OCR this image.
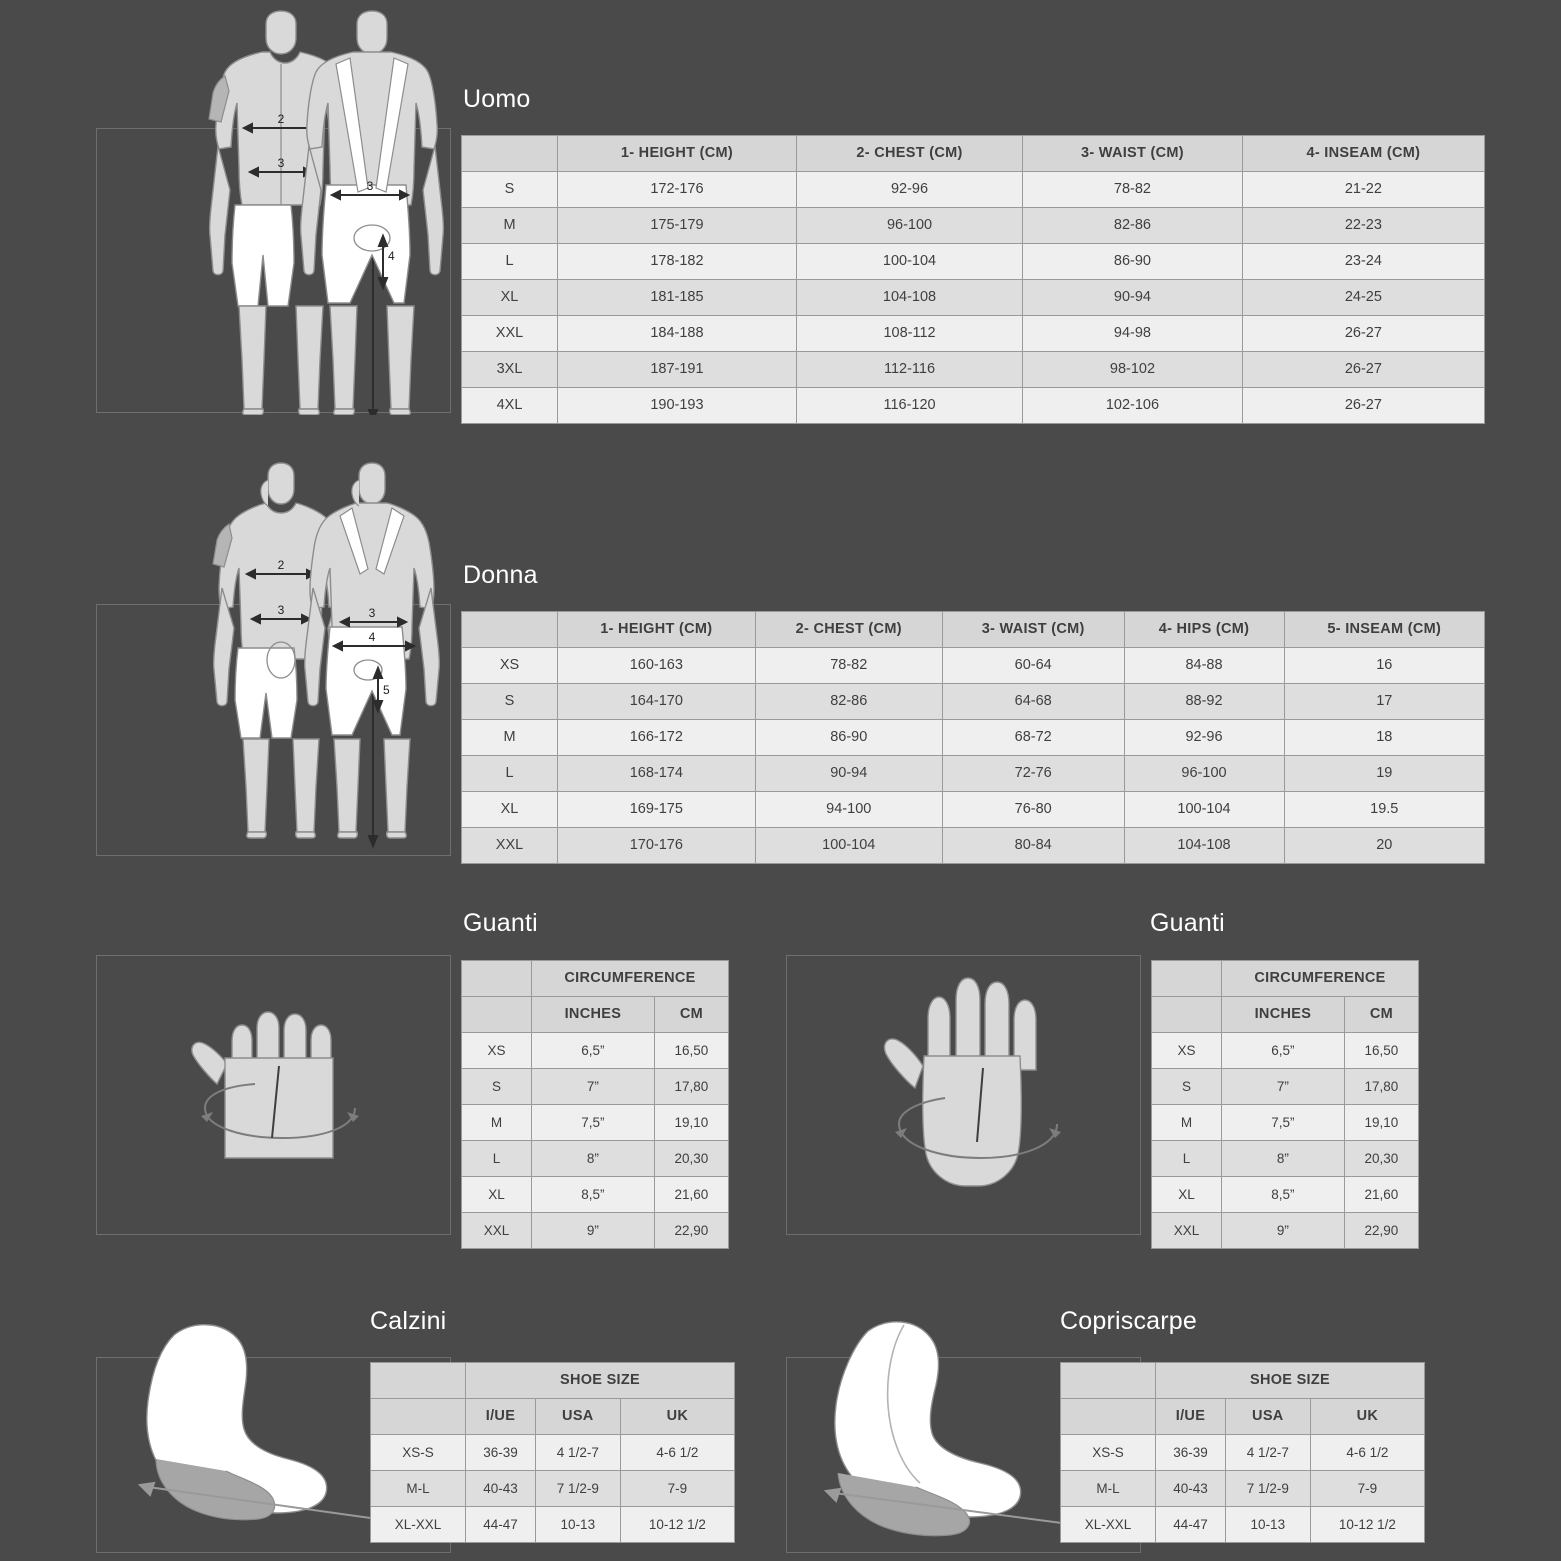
Uomo
2
3
3
4
	1- HEIGHT (CM)	2- CHEST (CM)	3- WAIST (CM)	4- INSEAM (CM)
S	172-176	92-96	78-82	21-22
M	175-179	96-100	82-86	22-23
L	178-182	100-104	86-90	23-24
XL	181-185	104-108	90-94	24-25
XXL	184-188	108-112	94-98	26-27
3XL	187-191	112-116	98-102	26-27
4XL	190-193	116-120	102-106	26-27
Donna
2
3	3
4
5
	1- HEIGHT (CM)	2- CHEST (CM)	3- WAIST (CM)	4- HIPS (CM)	5- INSEAM (CM)
XS	160-163	78-82	60-64	84-88	16
S	164-170	82-86	64-68	88-92	17
M	166-172	86-90	68-72	92-96	18
L	168-174	90-94	72-76	96-100	19
XL	169-175	94-100	76-80	100-104	19.5
XXL	170-176	100-104	80-84	104-108	20
Guanti
	CIRCUMFERENCE	
	INCHES	CM
XS	6,5”	16,50
S	7”	17,80
M	7,5”	19,10
L	8”	20,30
XL	8,5”	21,60
XXL	9”	22,90
Guanti
	CIRCUMFERENCE	
	INCHES	CM
XS	6,5”	16,50
S	7”	17,80
M	7,5”	19,10
L	8”	20,30
XL	8,5”	21,60
XXL	9”	22,90
Calzini
	SHOE SIZE		
	I/UE	USA	UK
XS-S	36-39	4 1/2-7	4-6 1/2
M-L	40-43	7 1/2-9	7-9
XL-XXL	44-47	10-13	10-12 1/2
Copriscarpe
	SHOE SIZE		
	I/UE	USA	UK
XS-S	36-39	4 1/2-7	4-6 1/2
M-L	40-43	7 1/2-9	7-9
XL-XXL	44-47	10-13	10-12 1/2
